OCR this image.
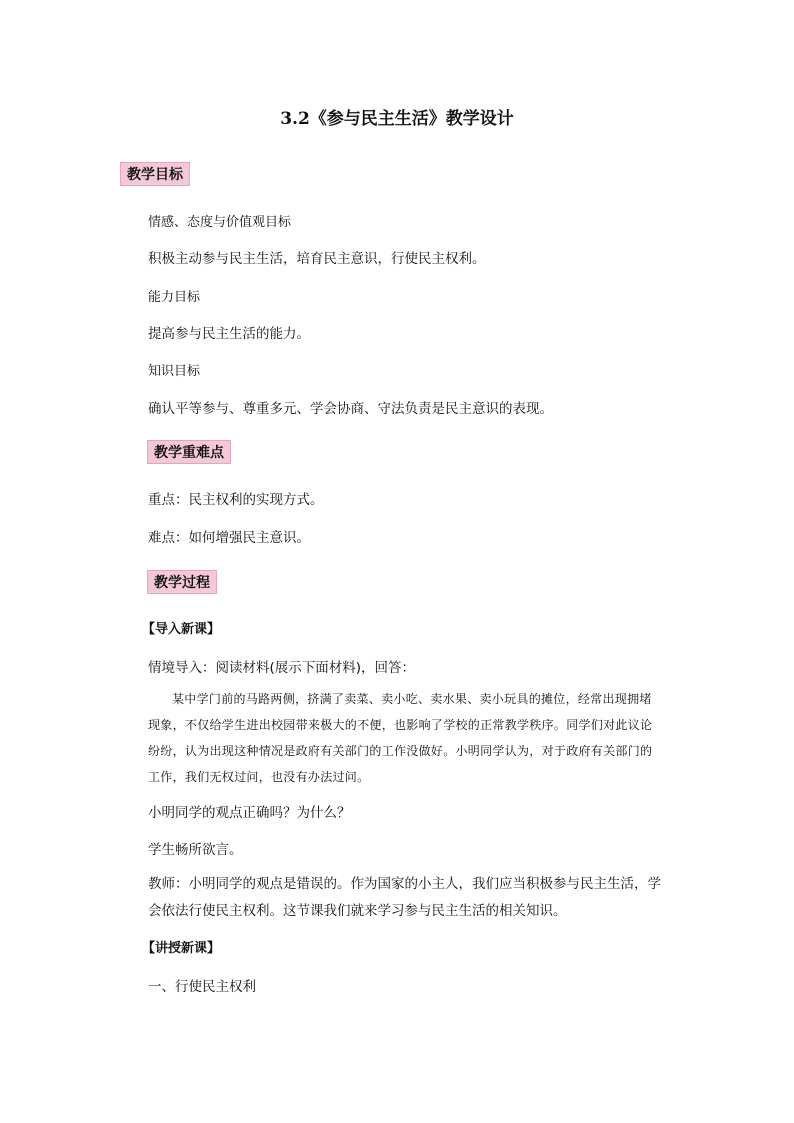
3.2《参与民主生活》教学设计
教学目标
情感、态度与价值观目标
积极主动参与民主生活，培育民主意识，行使民主权利。
能力目标
提高参与民主生活的能力。
知识目标
确认平等参与、尊重多元、学会协商、守法负责是民主意识的表现。
教学重难点
重点：民主权利的实现方式。
难点：如何增强民主意识。
教学过程
【导入新课】
情境导入：阅读材料(展示下面材料)，回答：
某中学门前的马路两侧，挤满了卖菜、卖小吃、卖水果、卖小玩具的摊位，经常出现拥堵现象，不仅给学生进出校园带来极大的不便，也影响了学校的正常教学秩序。同学们对此议论纷纷，认为出现这种情况是政府有关部门的工作没做好。小明同学认为，对于政府有关部门的工作，我们无权过问，也没有办法过问。
小明同学的观点正确吗？为什么？
学生畅所欲言。
教师：小明同学的观点是错误的。作为国家的小主人，我们应当积极参与民主生活，学会依法行使民主权利。这节课我们就来学习参与民主生活的相关知识。
【讲授新课】
一、行使民主权利
